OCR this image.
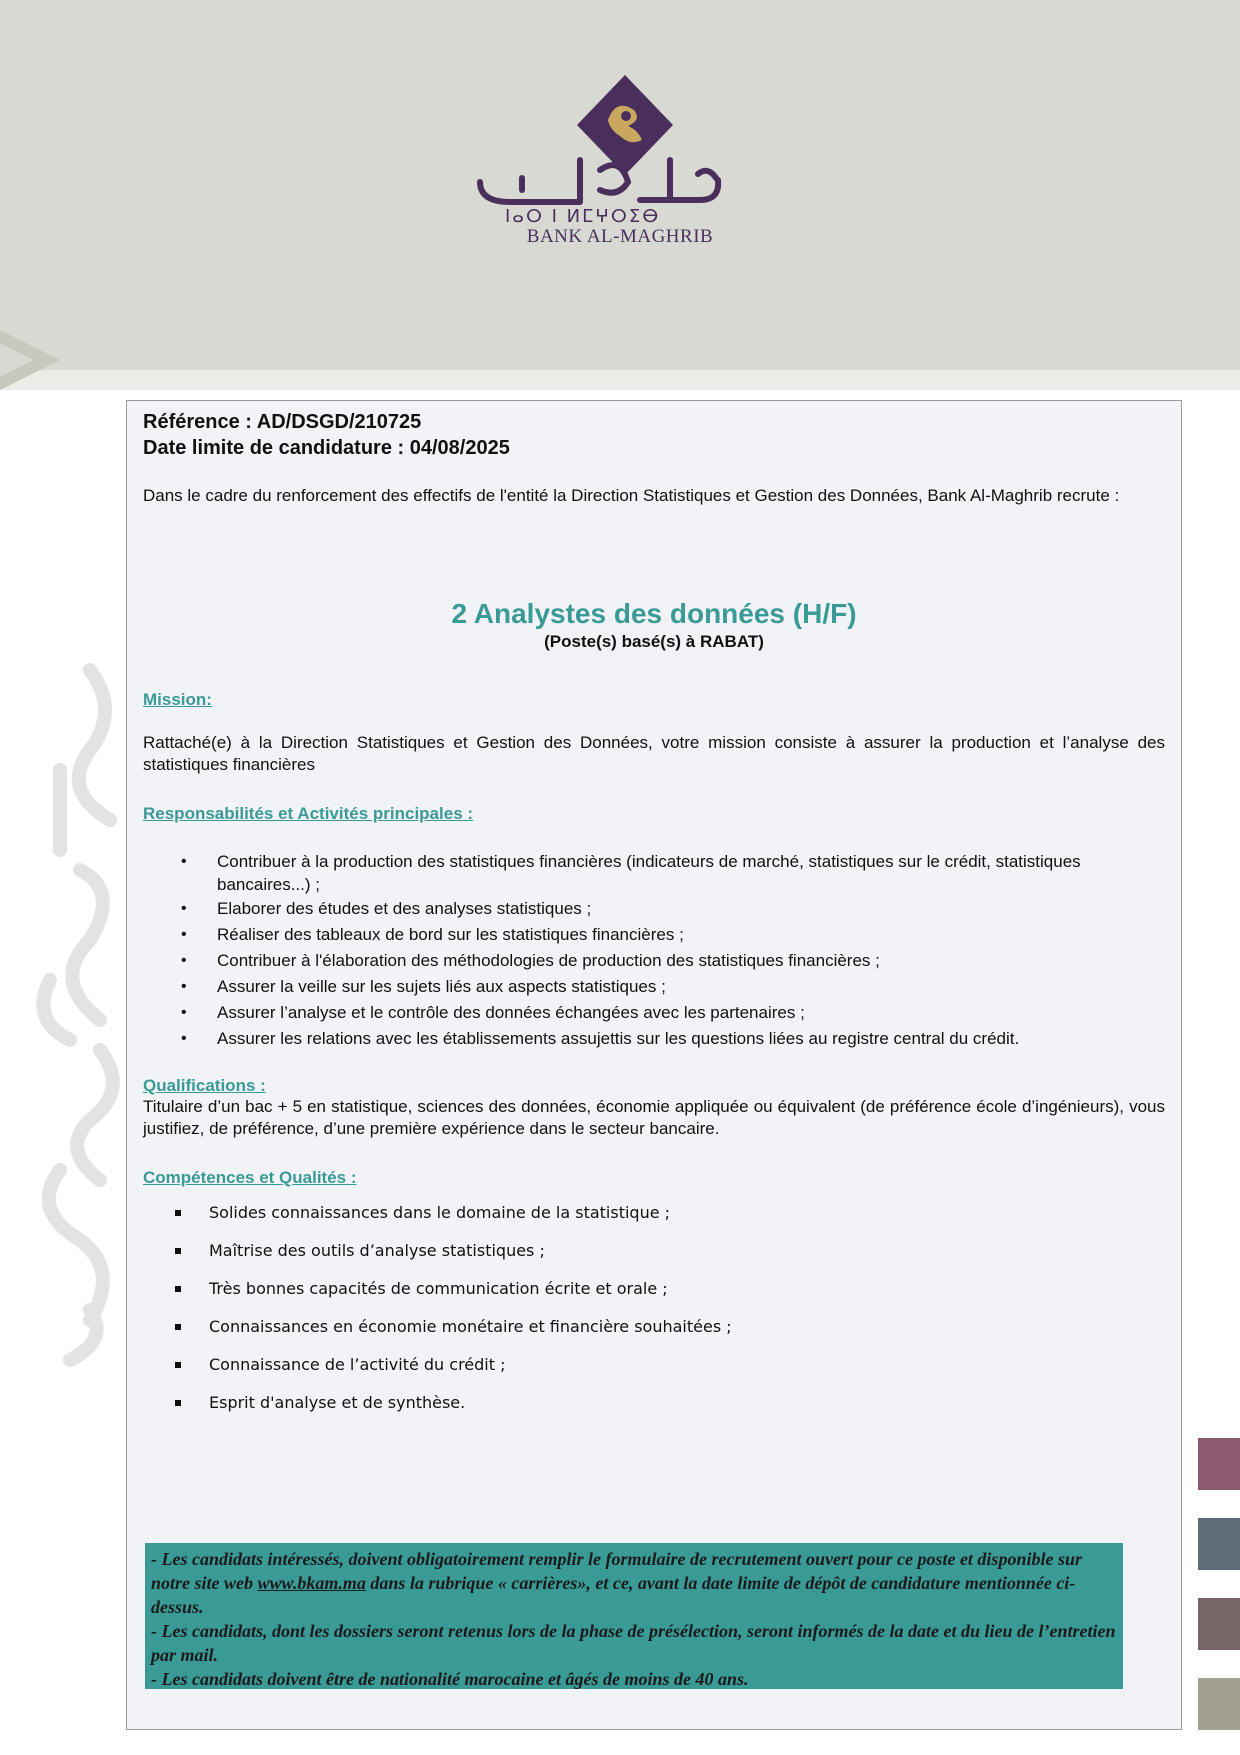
ⵏⴰⵔ ⵏ ⵍⵎⵖⵔⵉⴱ
BANK AL-MAGHRIB
Référence : AD/DSGD/210725
Date limite de candidature : 04/08/2025
Dans le cadre du renforcement des effectifs de l'entité la Direction Statistiques et Gestion des Données, Bank Al-Maghrib recrute :
2 Analystes des données (H/F)
(Poste(s) basé(s) à RABAT)
Mission:
Rattaché(e) à la Direction Statistiques et Gestion des Données, votre mission consiste à assurer la production et l’analyse des statistiques financières
Responsabilités et Activités principales :
• Contribuer à la production des statistiques financières (indicateurs de marché, statistiques sur le crédit, statistiques bancaires...) ;
• Elaborer des études et des analyses statistiques ;
• Réaliser des tableaux de bord sur les statistiques financières ;
• Contribuer à l'élaboration des méthodologies de production des statistiques financières ;
• Assurer la veille sur les sujets liés aux aspects statistiques ;
• Assurer l’analyse et le contrôle des données échangées avec les partenaires ;
• Assurer les relations avec les établissements assujettis sur les questions liées au registre central du crédit.
Qualifications :
Titulaire d’un bac + 5 en statistique, sciences des données, économie appliquée ou équivalent (de préférence école d’ingénieurs), vous justifiez, de préférence, d’une première expérience dans le secteur bancaire.
Compétences et Qualités :
Solides connaissances dans le domaine de la statistique ;
Maîtrise des outils d’analyse statistiques ;
Très bonnes capacités de communication écrite et orale ;
Connaissances en économie monétaire et financière souhaitées ;
Connaissance de l’activité du crédit ;
Esprit d'analyse et de synthèse.
- Les candidats intéressés, doivent obligatoirement remplir le formulaire de recrutement ouvert pour ce poste et disponible sur notre site web www.bkam.ma dans la rubrique « carrières», et ce, avant la date limite de dépôt de candidature mentionnée ci-dessus.
- Les candidats, dont les dossiers seront retenus lors de la phase de présélection, seront informés de la date et du lieu de l’entretien par mail.
- Les candidats doivent être de nationalité marocaine et âgés de moins de 40 ans.
